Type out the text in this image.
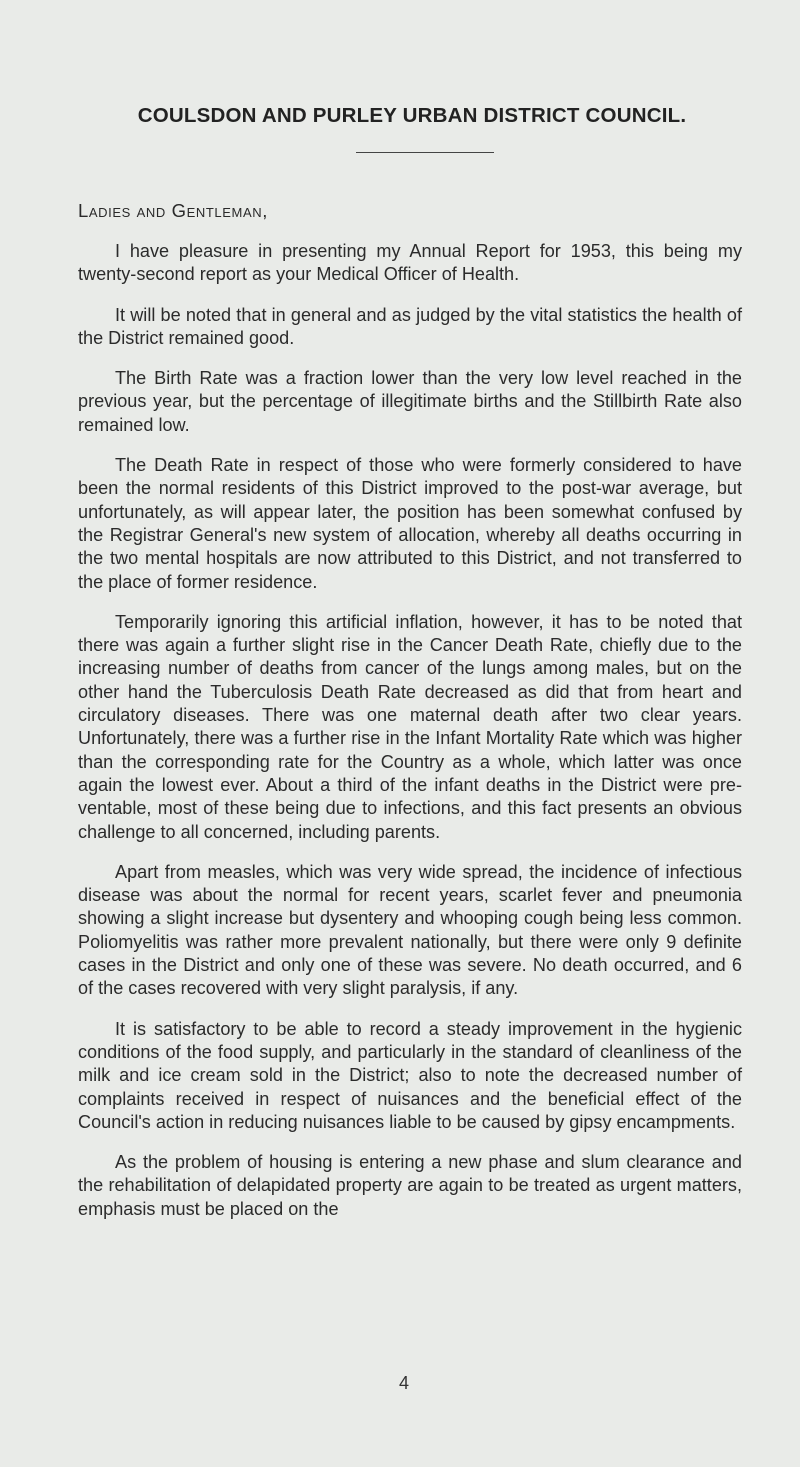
COULSDON AND PURLEY URBAN DISTRICT COUNCIL.
Ladies and Gentleman,

I have pleasure in presenting my Annual Report for 1953, this being my twenty-second report as your Medical Officer of Health.

It will be noted that in general and as judged by the vital statistics the health of the District remained good.

The Birth Rate was a fraction lower than the very low level reached in the previous year, but the percentage of illegitimate births and the Stillbirth Rate also remained low.

The Death Rate in respect of those who were formerly considered to have been the normal residents of this District improved to the post-war average, but unfortunately, as will appear later, the position has been somewhat confused by the Registrar General's new system of allocation, whereby all deaths occurring in the two mental hospitals are now attributed to this District, and not transferred to the place of former residence.

Temporarily ignoring this artificial inflation, however, it has to be noted that there was again a further slight rise in the Cancer Death Rate, chiefly due to the increasing number of deaths from cancer of the lungs among males, but on the other hand the Tuberculosis Death Rate decreased as did that from heart and circulatory diseases. There was one maternal death after two clear years. Unfortunately, there was a further rise in the Infant Mortality Rate which was higher than the corresponding rate for the Country as a whole, which latter was once again the lowest ever. About a third of the infant deaths in the District were preventable, most of these being due to infections, and this fact presents an obvious challenge to all concerned, including parents.

Apart from measles, which was very wide spread, the incidence of infectious disease was about the normal for recent years, scarlet fever and pneumonia showing a slight increase but dysentery and whooping cough being less common. Poliomyelitis was rather more prevalent nationally, but there were only 9 definite cases in the District and only one of these was severe. No death occurred, and 6 of the cases recovered with very slight paralysis, if any.

It is satisfactory to be able to record a steady improvement in the hygienic conditions of the food supply, and particularly in the standard of cleanliness of the milk and ice cream sold in the District; also to note the decreased number of complaints received in respect of nuisances and the beneficial effect of the Council's action in reducing nuisances liable to be caused by gipsy encampments.

As the problem of housing is entering a new phase and slum clearance and the rehabilitation of delapidated property are again to be treated as urgent matters, emphasis must be placed on the

4
